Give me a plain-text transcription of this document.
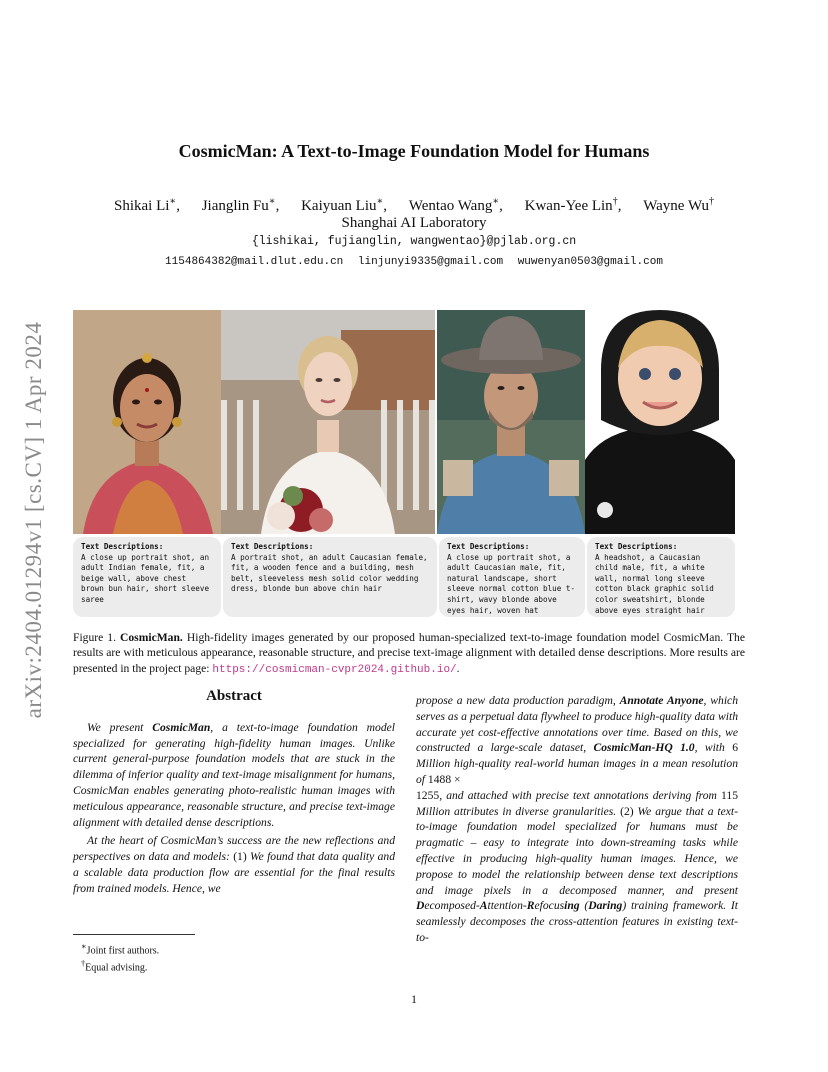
arXiv:2404.01294v1 [cs.CV] 1 Apr 2024
CosmicMan: A Text-to-Image Foundation Model for Humans
Shikai Li∗, Jianglin Fu∗, Kaiyuan Liu∗, Wentao Wang∗, Kwan-Yee Lin†, Wayne Wu†
Shanghai AI Laboratory
{lishikai, fujianglin, wangwentao}@pjlab.org.cn
1154864382@mail.dlut.edu.cn linjunyi9335@gmail.com wuwenyan0503@gmail.com
Text Descriptions:
A close up portrait shot, an adult Indian female, fit, a beige wall, above chest brown bun hair, short sleeve saree
Text Descriptions:
A portrait shot, an adult Caucasian female, fit, a wooden fence and a building, mesh belt, sleeveless mesh solid color wedding dress, blonde bun above chin hair
Text Descriptions:
A close up portrait shot, a adult Caucasian male, fit, natural landscape, short sleeve normal cotton blue t-shirt, wavy blonde above eyes hair, woven hat
Text Descriptions:
A headshot, a Caucasian child male, fit, a white wall, normal long sleeve cotton black graphic solid color sweatshirt, blonde above eyes straight hair
Figure 1. CosmicMan. High-fidelity images generated by our proposed human-specialized text-to-image foundation model CosmicMan. The results are with meticulous appearance, reasonable structure, and precise text-image alignment with detailed dense descriptions. More results are presented in the project page: https://cosmicman-cvpr2024.github.io/.
Abstract

We present CosmicMan, a text-to-image foundation model specialized for generating high-fidelity human images. Unlike current general-purpose foundation models that are stuck in the dilemma of inferior quality and text-image misalignment for humans, CosmicMan enables generating photo-realistic human images with meticulous appearance, reasonable structure, and precise text-image alignment with detailed dense descriptions.

At the heart of CosmicMan’s success are the new reflections and perspectives on data and models: (1) We found that data quality and a scalable data production flow are essential for the final results from trained models. Hence, we

propose a new data production paradigm, Annotate Anyone, which serves as a perpetual data flywheel to produce high-quality data with accurate yet cost-effective annotations over time. Based on this, we constructed a large-scale dataset, CosmicMan-HQ 1.0, with 6 Million high-quality real-world human images in a mean resolution of 1488 ×
1255, and attached with precise text annotations deriving from 115 Million attributes in diverse granularities. (2) We argue that a text-to-image foundation model specialized for humans must be pragmatic – easy to integrate into down-streaming tasks while effective in producing high-quality human images. Hence, we propose to model the relationship between dense text descriptions and image pixels in a decomposed manner, and present Decomposed-Attention-Refocusing (Daring) training framework. It seamlessly decomposes the cross-attention features in existing text-to-

∗Joint first authors.
†Equal advising.
1
